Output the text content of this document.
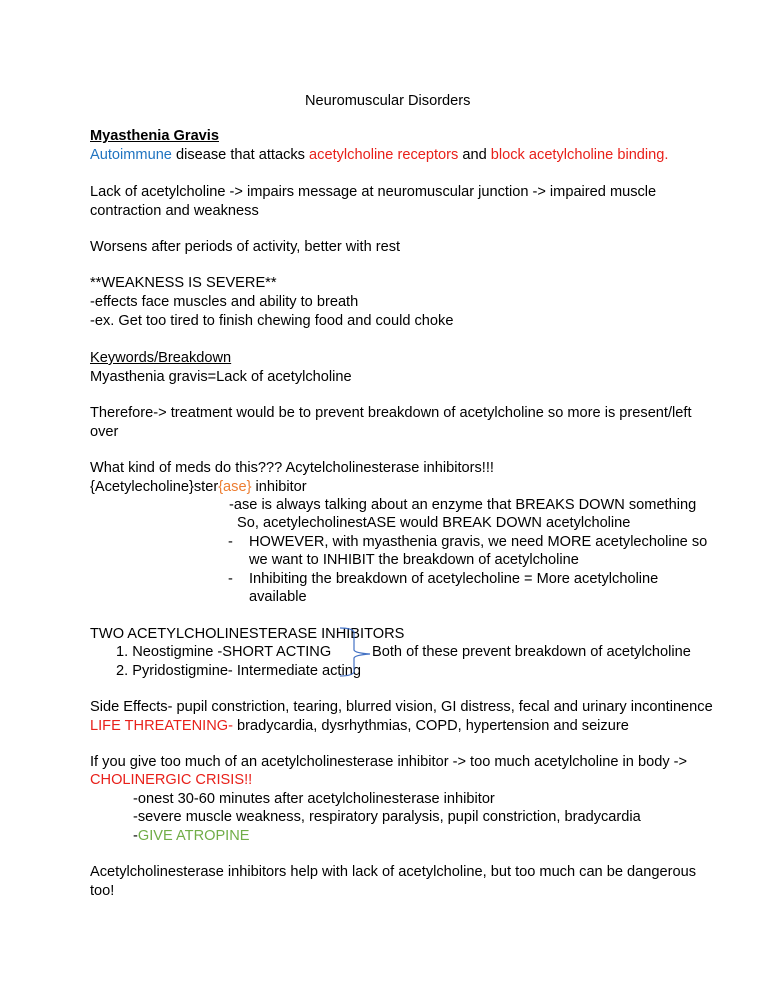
Neuromuscular Disorders
Myasthenia Gravis
Autoimmune disease that attacks acetylcholine receptors and block acetylcholine binding.
Lack of acetylcholine -> impairs message at neuromuscular junction -> impaired muscle
contraction and weakness
Worsens after periods of activity, better with rest
**WEAKNESS IS SEVERE**
-effects face muscles and ability to breath
-ex. Get too tired to finish chewing food and could choke
Keywords/Breakdown
Myasthenia gravis=Lack of acetylcholine
Therefore-> treatment would be to prevent breakdown of acetylcholine so more is present/left
over
What kind of meds do this??? Acytelcholinesterase inhibitors!!!
{Acetylecholine}ster{ase} inhibitor
-ase is always talking about an enzyme that BREAKS DOWN something
So, acetylecholinestASE would BREAK DOWN acetylcholine
- HOWEVER, with myasthenia gravis, we need MORE acetylecholine so
we want to INHIBIT the breakdown of acetylcholine
- Inhibiting the breakdown of acetylecholine = More acetylcholine
available
TWO ACETYLCHOLINESTERASE INHIBITORS
1. Neostigmine -SHORT ACTING
2. Pyridostigmine- Intermediate acting
Both of these prevent breakdown of acetylcholine
Side Effects- pupil constriction, tearing, blurred vision, GI distress, fecal and urinary incontinence
LIFE THREATENING- bradycardia, dysrhythmias, COPD, hypertension and seizure
If you give too much of an acetylcholinesterase inhibitor -> too much acetylcholine in body ->
CHOLINERGIC CRISIS!!
-onest 30-60 minutes after acetylcholinesterase inhibitor
-severe muscle weakness, respiratory paralysis, pupil constriction, bradycardia
-GIVE ATROPINE
Acetylcholinesterase inhibitors help with lack of acetylcholine, but too much can be dangerous
too!
